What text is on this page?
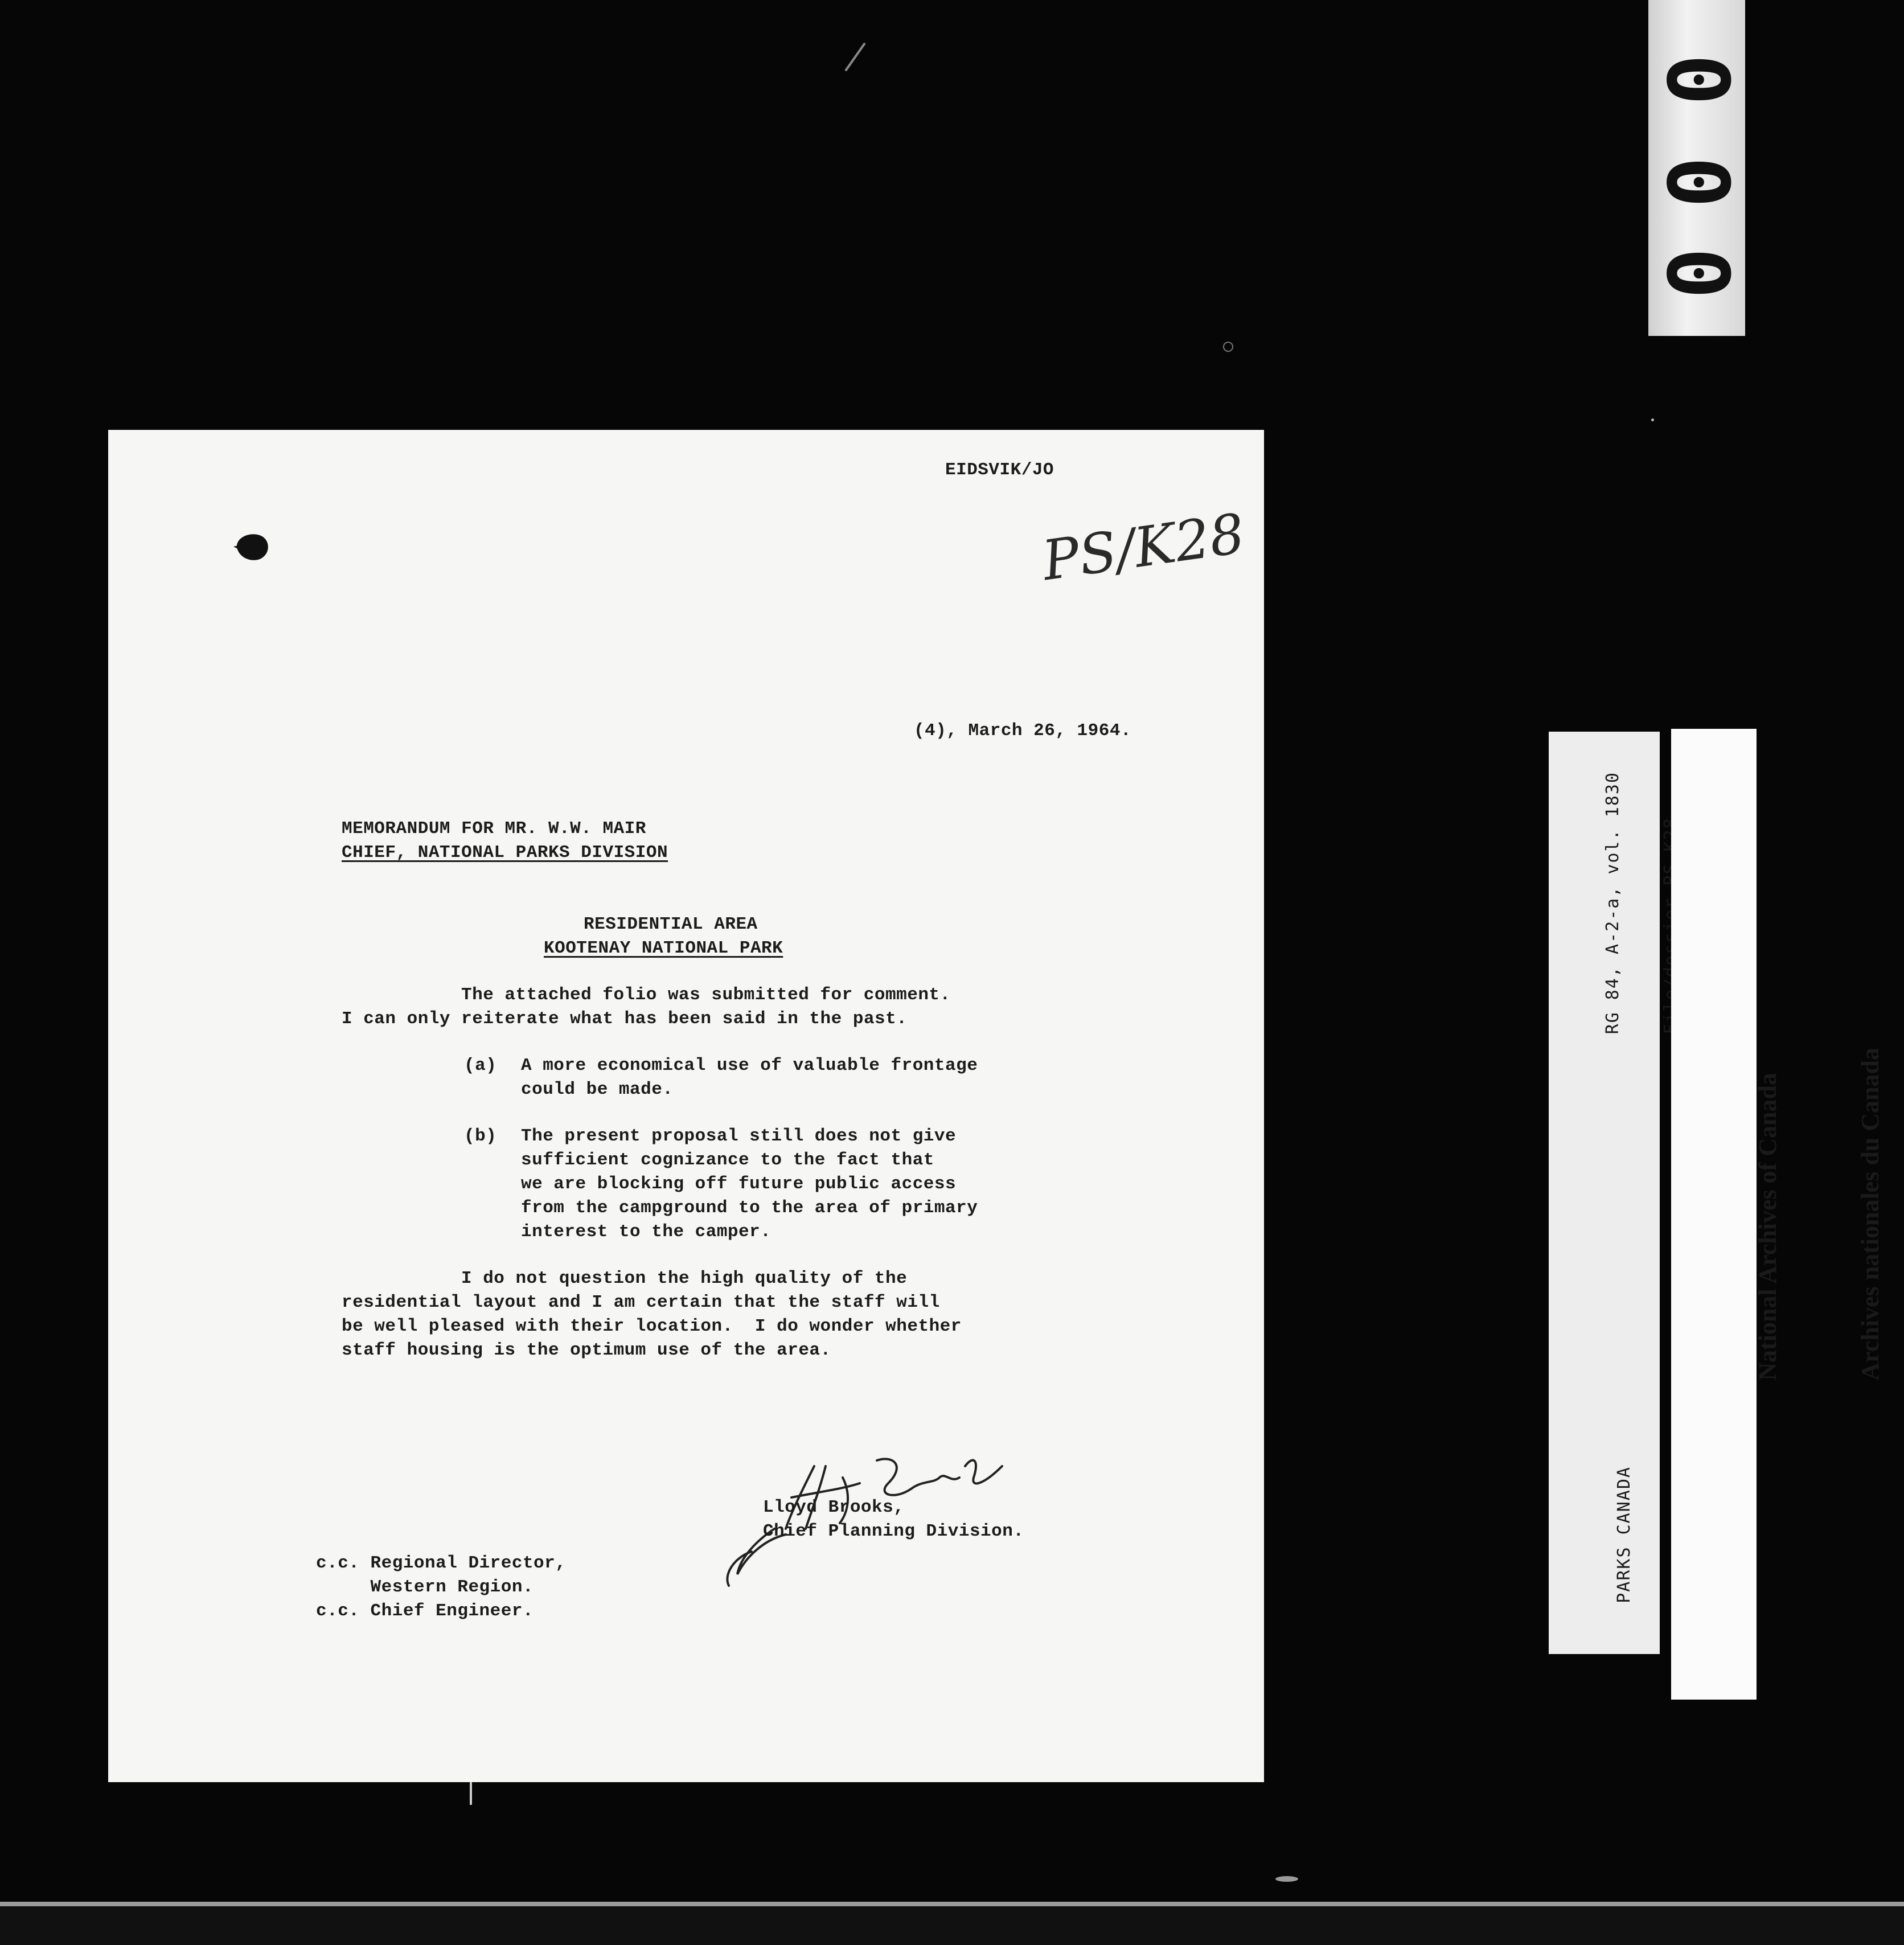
0
0
0
EIDSVIK/JO
PS/K28
(4), March 26, 1964.
MEMORANDUM FOR MR. W.W. MAIR
CHIEF, NATIONAL PARKS DIVISION
RESIDENTIAL AREA
KOOTENAY NATIONAL PARK
The attached folio was submitted for comment.
I can only reiterate what has been said in the past.
(a) A more economical use of valuable frontage
could be made.
(b) The present proposal still does not give
sufficient cognizance to the fact that
we are blocking off future public access
from the campground to the area of primary
interest to the camper.
I do not question the high quality of the
residential layout and I am certain that the staff will
be well pleased with their location.  I do wonder whether
staff housing is the optimum use of the area.
Lloyd Brooks,
Chief Planning Division.
c.c. Regional Director,
Western Region.
c.c. Chief Engineer.

RG 84, A-2-a, vol. 1830

PARKS CANADA

National Archives of Canada

	Archives nationales du Canada
